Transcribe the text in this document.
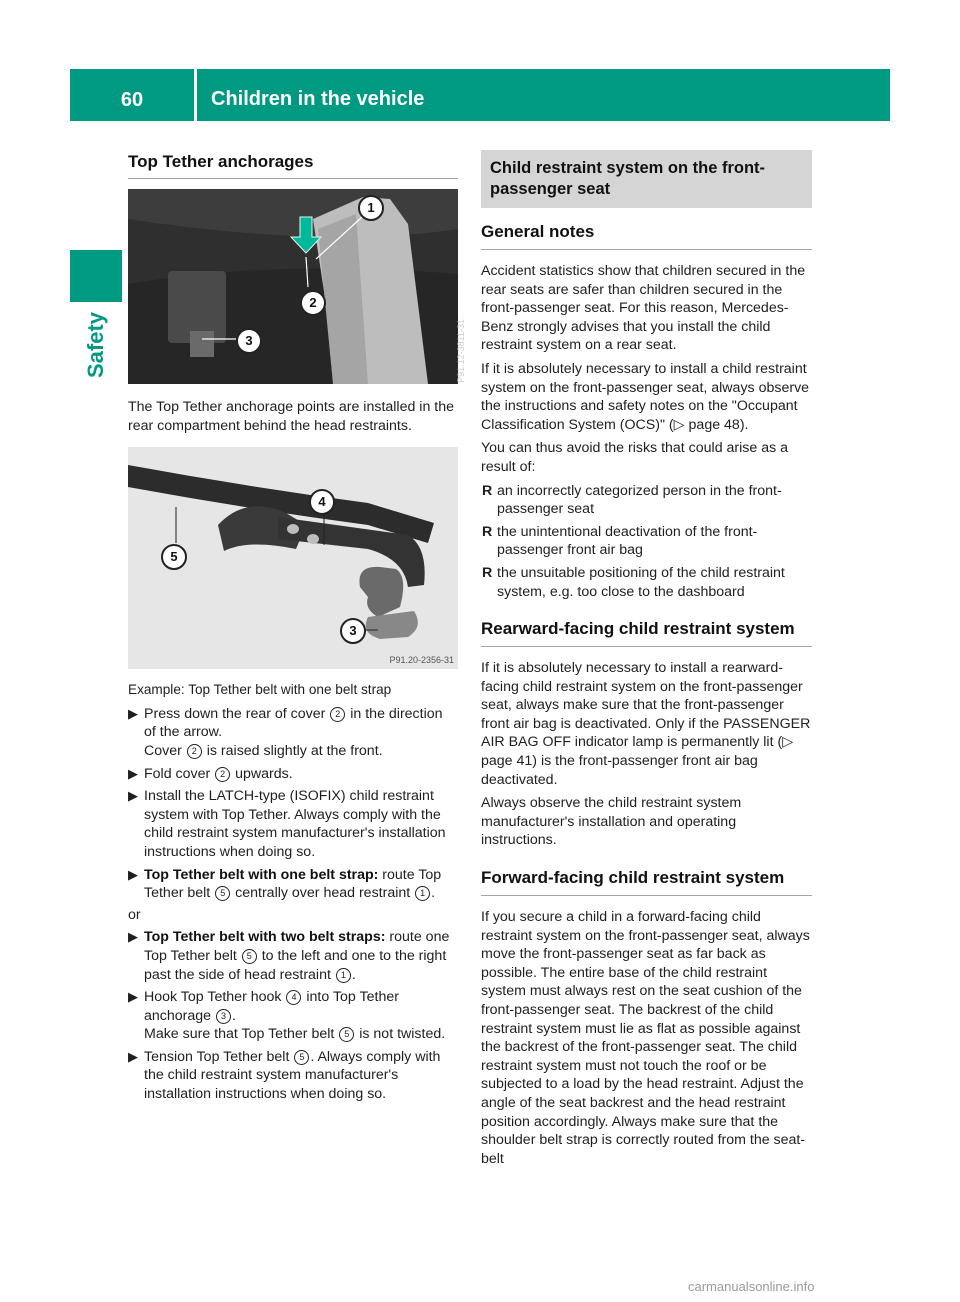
60	Children in the vehicle
Safety
Top Tether anchorages
1
2
3	P91.12-3811-31

The Top Tether anchorage points are installed in the rear compartment behind the head restraints.

4
5
3
P91.20-2356-31

Example: Top Tether belt with one belt strap

▶ Press down the rear of cover 2 in the direction of the arrow.
Cover 2 is raised slightly at the front.
▶ Fold cover 2 upwards.
▶ Install the LATCH-type (ISOFIX) child restraint system with Top Tether. Always comply with the child restraint system manufacturer's installation instructions when doing so.
▶ Top Tether belt with one belt strap: route Top Tether belt 5 centrally over head restraint 1 .
or
▶ Top Tether belt with two belt straps: route one Top Tether belt 5 to the left and one to the right past the side of head restraint 1 .
▶ Hook Top Tether hook 4 into Top Tether anchorage 3 .
Make sure that Top Tether belt 5 is not twisted.
▶ Tension Top Tether belt 5 . Always comply with the child restraint system manufacturer's installation instructions when doing so.
Child restraint system on the front-passenger seat
General notes

Accident statistics show that children secured in the rear seats are safer than children secured in the front-passenger seat. For this reason, Mercedes-Benz strongly advises that you install the child restraint system on a rear seat.

If it is absolutely necessary to install a child restraint system on the front-passenger seat, always observe the instructions and safety notes on the "Occupant Classification System (OCS)" (▷ page 48).

You can thus avoid the risks that could arise as a result of:

R an incorrectly categorized person in the front-passenger seat
R the unintentional deactivation of the front-passenger front air bag
R the unsuitable positioning of the child restraint system, e.g. too close to the dashboard
Rearward-facing child restraint system

If it is absolutely necessary to install a rearward-facing child restraint system on the front-passenger seat, always make sure that the front-passenger front air bag is deactivated. Only if the PASSENGER AIR BAG OFF indicator lamp is permanently lit (▷ page 41) is the front-passenger front air bag deactivated.

Always observe the child restraint system manufacturer's installation and operating instructions.

Forward-facing child restraint system

If you secure a child in a forward-facing child restraint system on the front-passenger seat, always move the front-passenger seat as far back as possible. The entire base of the child restraint system must always rest on the seat cushion of the front-passenger seat. The backrest of the child restraint system must lie as flat as possible against the backrest of the front-passenger seat. The child restraint system must not touch the roof or be subjected to a load by the head restraint. Adjust the angle of the seat backrest and the head restraint position accordingly. Always make sure that the shoulder belt strap is correctly routed from the seat-belt

carmanualsonline.info
